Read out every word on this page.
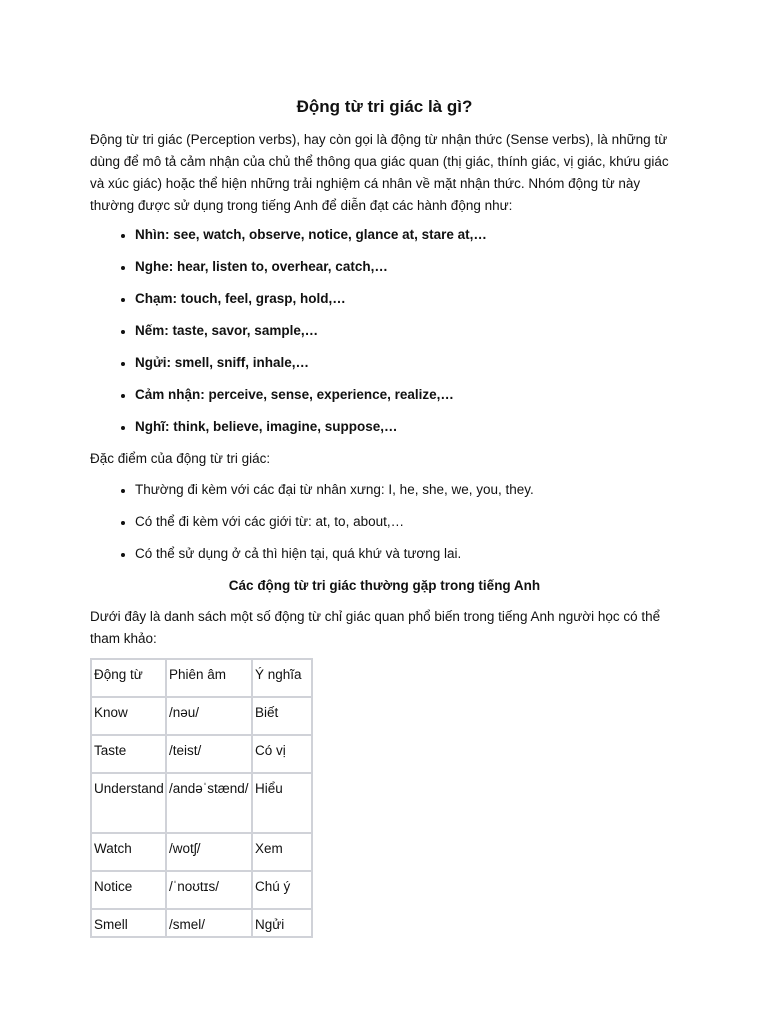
Động từ tri giác là gì?

Động từ tri giác (Perception verbs), hay còn gọi là động từ nhận thức (Sense verbs), là những từ dùng để mô tả cảm nhận của chủ thể thông qua giác quan (thị giác, thính giác, vị giác, khứu giác và xúc giác) hoặc thể hiện những trải nghiệm cá nhân về mặt nhận thức. Nhóm động từ này thường được sử dụng trong tiếng Anh để diễn đạt các hành động như:

• Nhìn: see, watch, observe, notice, glance at, stare at,…
• Nghe: hear, listen to, overhear, catch,…
• Chạm: touch, feel, grasp, hold,…
• Nếm: taste, savor, sample,…
• Ngửi: smell, sniff, inhale,…
• Cảm nhận: perceive, sense, experience, realize,…
• Nghĩ: think, believe, imagine, suppose,…

Đặc điểm của động từ tri giác:

• Thường đi kèm với các đại từ nhân xưng: I, he, she, we, you, they.
• Có thể đi kèm với các giới từ: at, to, about,…
• Có thể sử dụng ở cả thì hiện tại, quá khứ và tương lai.
Các động từ tri giác thường gặp trong tiếng Anh

Dưới đây là danh sách một số động từ chỉ giác quan phổ biến trong tiếng Anh người học có thể tham khảo:

Động từ	Phiên âm	Ý nghĩa
Know	/nəu/	Biết
Taste	/teist/	Có vị
Understand	/andəˈstænd/	Hiểu
Watch	/wotʃ/	Xem
Notice	/ˈnoʊtɪs/	Chú ý
Smell	/smel/	Ngửi
